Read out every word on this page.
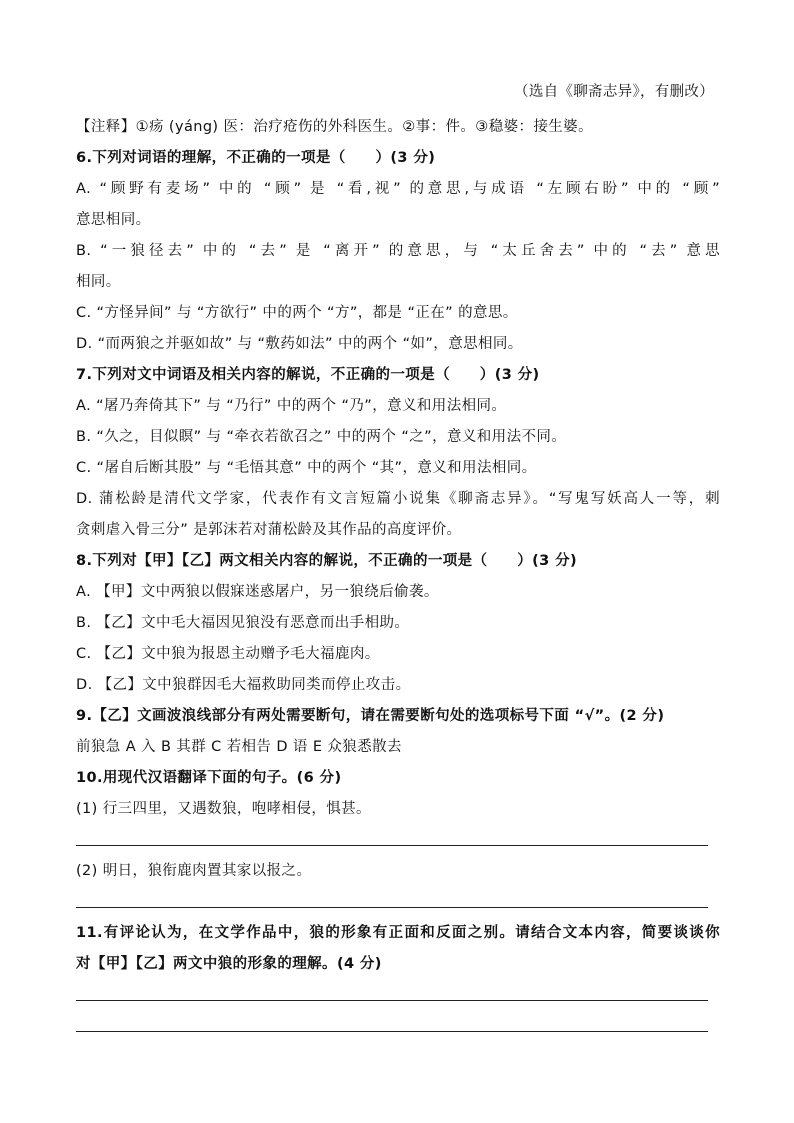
（选自《聊斋志异》，有删改）
【注释】①疡 (yáng) 医：治疗疮伤的外科医生。②事：件。③稳婆：接生婆。
6.下列对词语的理解，不正确的一项是（　　）(3 分)
A. “顾野有麦场” 中的 “顾” 是 “看,视” 的意思,与成语 “左顾右盼” 中的 “顾”
意思相同。
B. “一狼径去” 中的 “去” 是 “离开” 的意思，与 “太丘舍去” 中的 “去” 意思
相同。
C. “方怪异间” 与 “方欲行” 中的两个 “方”，都是 “正在” 的意思。
D. “而两狼之并驱如故” 与 “敷药如法” 中的两个 “如”，意思相同。
7.下列对文中词语及相关内容的解说，不正确的一项是（　　）(3 分)
A. “屠乃奔倚其下” 与 “乃行” 中的两个 “乃”，意义和用法相同。
B. “久之，目似瞑” 与 “牵衣若欲召之” 中的两个 “之”，意义和用法不同。
C. “屠自后断其股” 与 “毛悟其意” 中的两个 “其”，意义和用法相同。
D. 蒲松龄是清代文学家，代表作有文言短篇小说集《聊斋志异》。“写鬼写妖高人一等，刺
贪刺虐入骨三分” 是郭沫若对蒲松龄及其作品的高度评价。
8.下列对【甲】【乙】两文相关内容的解说，不正确的一项是（　　）(3 分)
A. 【甲】文中两狼以假寐迷惑屠户，另一狼绕后偷袭。
B. 【乙】文中毛大福因见狼没有恶意而出手相助。
C. 【乙】文中狼为报恩主动赠予毛大福鹿肉。
D. 【乙】文中狼群因毛大福救助同类而停止攻击。
9.【乙】文画波浪线部分有两处需要断句，请在需要断句处的选项标号下面 “√”。(2 分)
前狼急 A 入 B 其群 C 若相告 D 语 E 众狼悉散去
10.用现代汉语翻译下面的句子。(6 分)
(1) 行三四里，又遇数狼，咆哮相侵，惧甚。
(2) 明日，狼衔鹿肉置其家以报之。
11.有评论认为，在文学作品中，狼的形象有正面和反面之别。请结合文本内容，简要谈谈你
对【甲】【乙】两文中狼的形象的理解。(4 分)
